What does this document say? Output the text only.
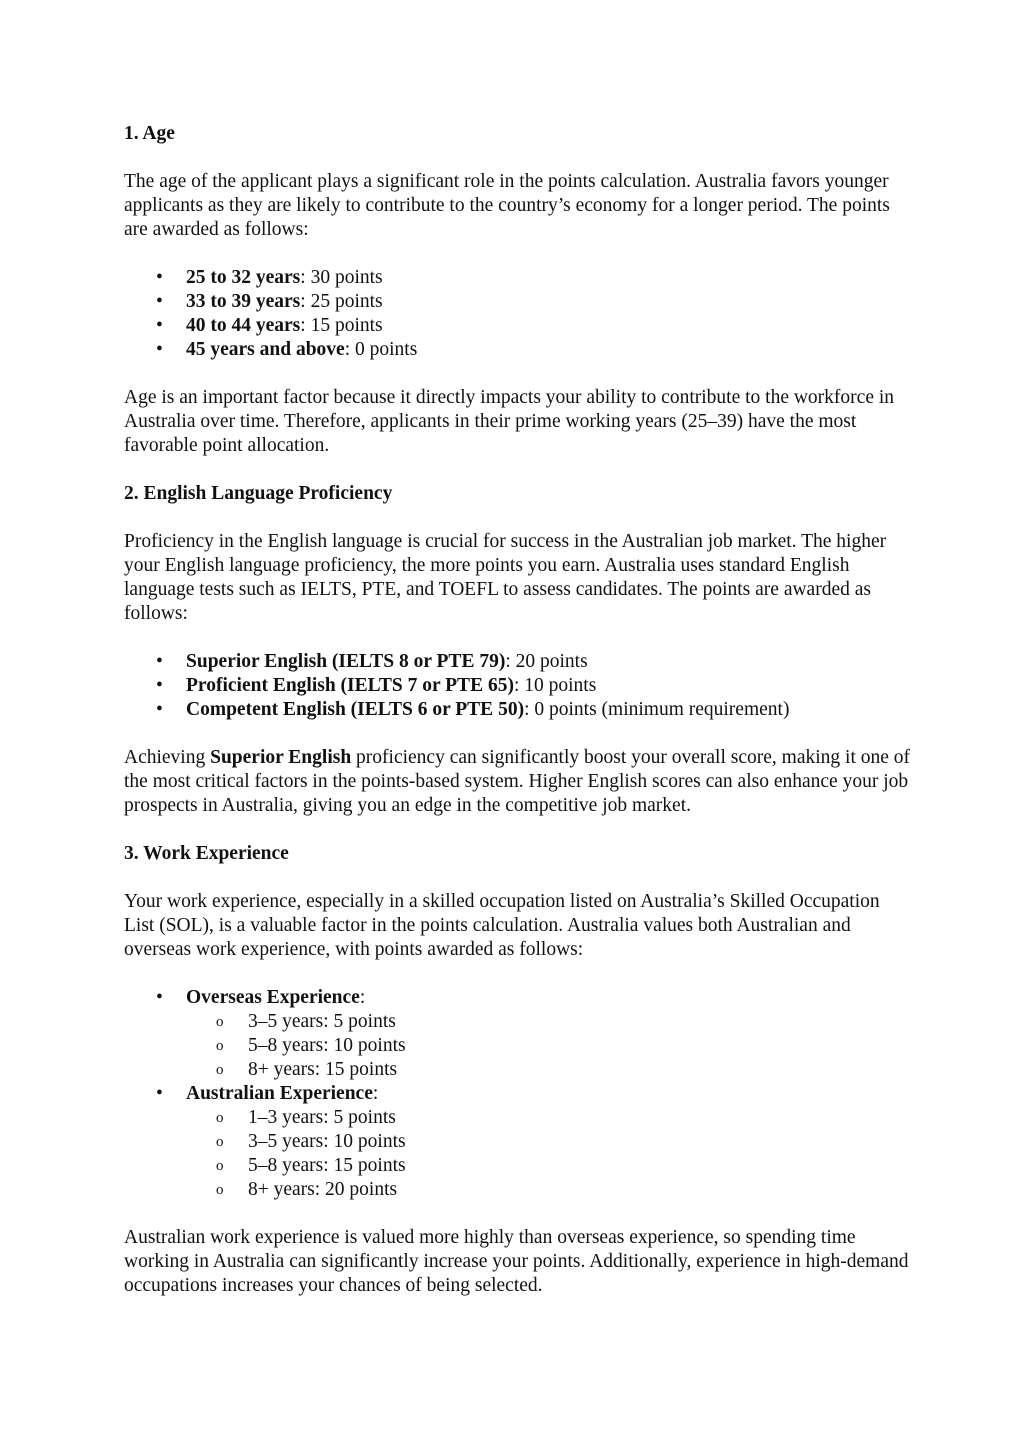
1. Age
The age of the applicant plays a significant role in the points calculation. Australia favors younger applicants as they are likely to contribute to the country’s economy for a longer period. The points are awarded as follows:
•	25 to 32 years: 30 points
•	33 to 39 years: 25 points
•	40 to 44 years: 15 points
•	45 years and above: 0 points
Age is an important factor because it directly impacts your ability to contribute to the workforce in Australia over time. Therefore, applicants in their prime working years (25–39) have the most favorable point allocation.
2. English Language Proficiency
Proficiency in the English language is crucial for success in the Australian job market. The higher your English language proficiency, the more points you earn. Australia uses standard English language tests such as IELTS, PTE, and TOEFL to assess candidates. The points are awarded as follows:
•	Superior English (IELTS 8 or PTE 79): 20 points
•	Proficient English (IELTS 7 or PTE 65): 10 points
•	Competent English (IELTS 6 or PTE 50): 0 points (minimum requirement)
Achieving Superior English proficiency can significantly boost your overall score, making it one of the most critical factors in the points-based system. Higher English scores can also enhance your job prospects in Australia, giving you an edge in the competitive job market.
3. Work Experience
Your work experience, especially in a skilled occupation listed on Australia’s Skilled Occupation List (SOL), is a valuable factor in the points calculation. Australia values both Australian and overseas work experience, with points awarded as follows:
•	Overseas Experience:
o 3–5 years: 5 points
o 5–8 years: 10 points
o 8+ years: 15 points
•	Australian Experience:
o 1–3 years: 5 points
o 3–5 years: 10 points
o 5–8 years: 15 points
o 8+ years: 20 points
Australian work experience is valued more highly than overseas experience, so spending time working in Australia can significantly increase your points. Additionally, experience in high-demand occupations increases your chances of being selected.
